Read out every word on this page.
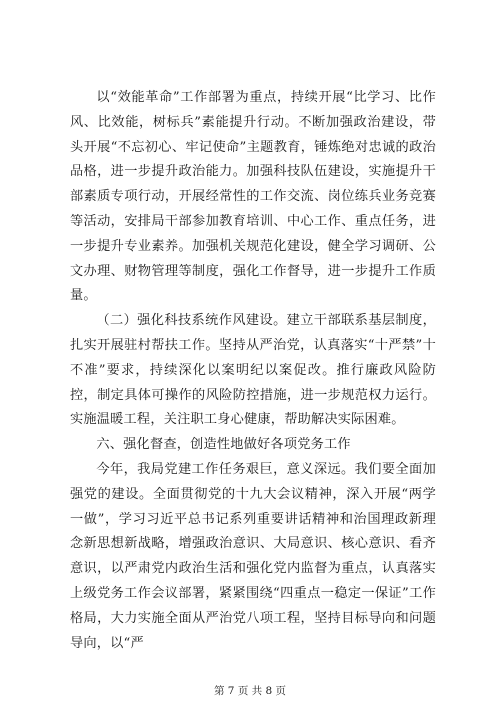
以“效能革命”工作部署为重点，持续开展“比学习、比作风、比效能，树标兵”素能提升行动。不断加强政治建设，带头开展“不忘初心、牢记使命”主题教育，锤炼绝对忠诚的政治品格，进一步提升政治能力。加强科技队伍建设，实施提升干部素质专项行动，开展经常性的工作交流、岗位练兵业务竞赛等活动，安排局干部参加教育培训、中心工作、重点任务，进一步提升专业素养。加强机关规范化建设，健全学习调研、公文办理、财物管理等制度，强化工作督导，进一步提升工作质量。

（二）强化科技系统作风建设。建立干部联系基层制度，扎实开展驻村帮扶工作。坚持从严治党，认真落实“十严禁”十不准”要求，持续深化以案明纪以案促改。推行廉政风险防控，制定具体可操作的风险防控措施，进一步规范权力运行。实施温暖工程，关注职工身心健康，帮助解决实际困难。

六、强化督查，创造性地做好各项党务工作

今年，我局党建工作任务艰巨，意义深远。我们要全面加强党的建设。全面贯彻党的十九大会议精神，深入开展“两学一做”，学习习近平总书记系列重要讲话精神和治国理政新理念新思想新战略，增强政治意识、大局意识、核心意识、看齐意识，以严肃党内政治生活和强化党内监督为重点，认真落实上级党务工作会议部署，紧紧围绕“四重点一稳定一保证”工作格局，大力实施全面从严治党八项工程，坚持目标导向和问题导向，以“严

第 7 页 共 8 页
